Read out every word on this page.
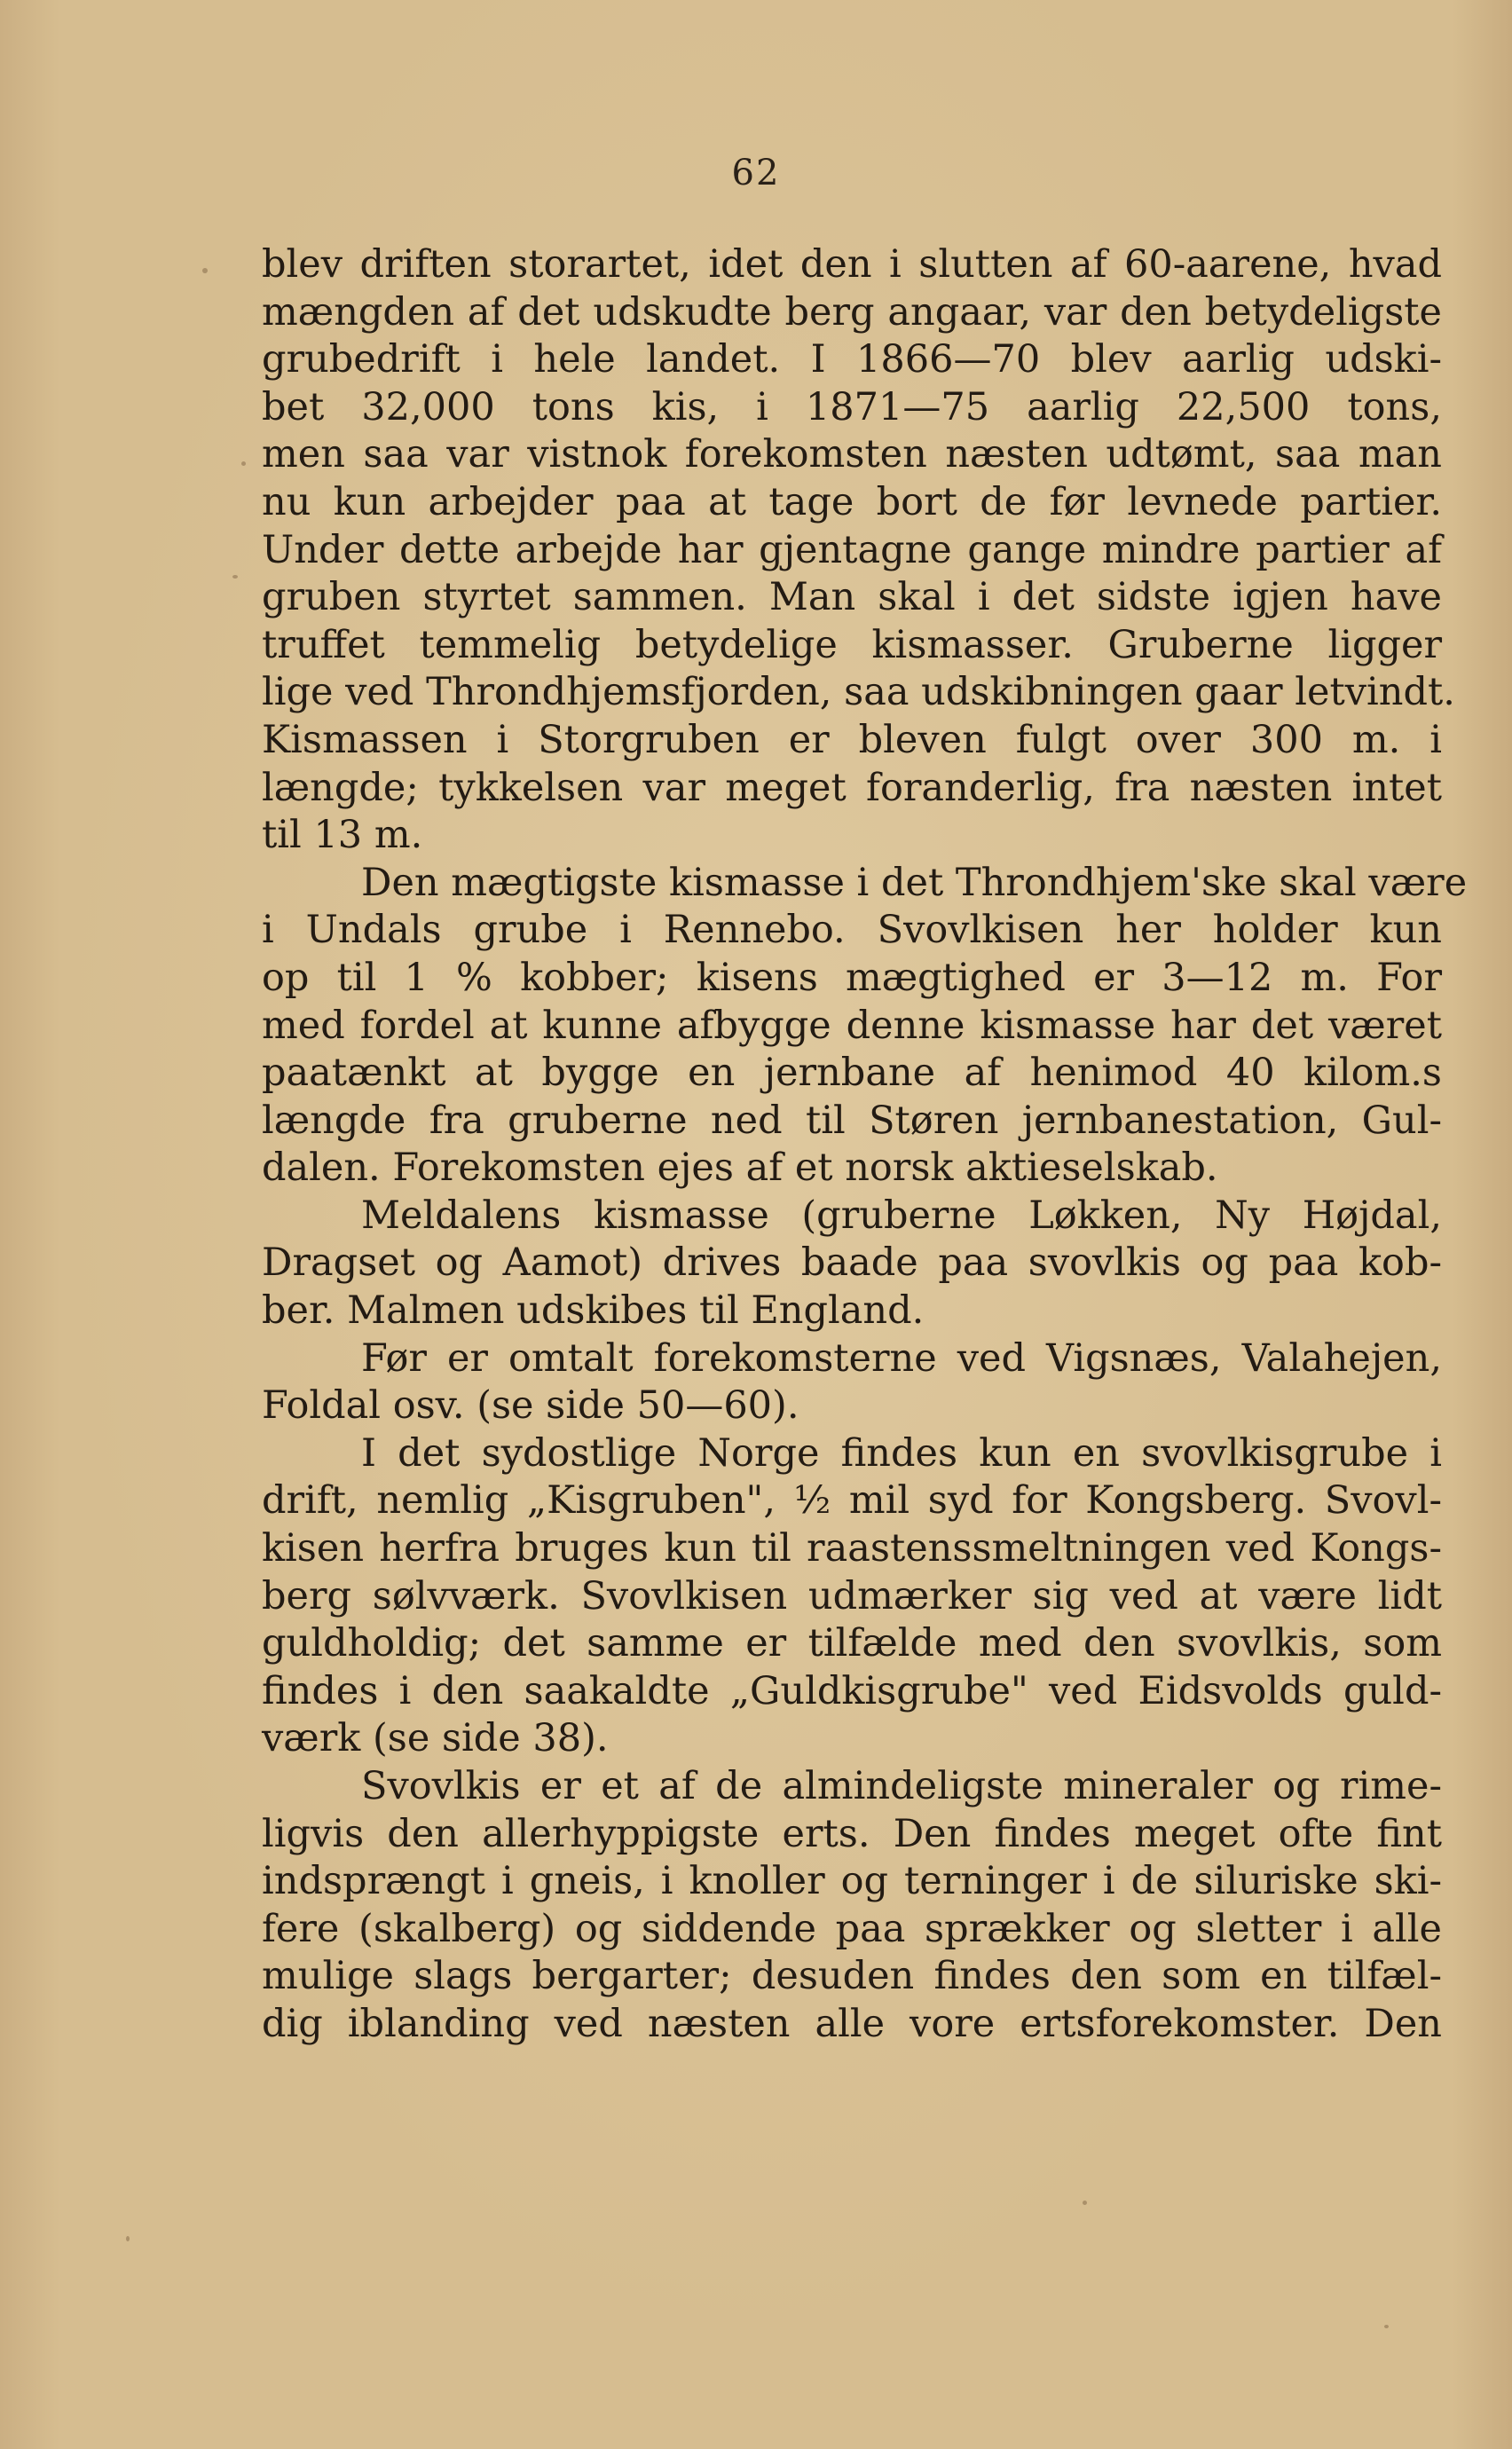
62
blev driften storartet, idet den i slutten af 60-aarene, hvad
mængden af det udskudte berg angaar, var den betydeligste
grubedrift i hele landet. I 1866—70 blev aarlig udski-
bet 32,000 tons kis, i 1871—75 aarlig 22,500 tons,
men saa var vistnok forekomsten næsten udtømt, saa man
nu kun arbejder paa at tage bort de før levnede partier.
Under dette arbejde har gjentagne gange mindre partier af
gruben styrtet sammen. Man skal i det sidste igjen have
truffet temmelig betydelige kismasser. Gruberne ligger
lige ved Throndhjemsfjorden, saa udskibningen gaar letvindt.
Kismassen i Storgruben er bleven fulgt over 300 m. i
længde; tykkelsen var meget foranderlig, fra næsten intet
til 13 m.
Den mægtigste kismasse i det Throndhjem'ske skal være
i Undals grube i Rennebo. Svovlkisen her holder kun
op til 1 % kobber; kisens mægtighed er 3—12 m. For
med fordel at kunne afbygge denne kismasse har det været
paatænkt at bygge en jernbane af henimod 40 kilom.s
længde fra gruberne ned til Støren jernbanestation, Gul-
dalen. Forekomsten ejes af et norsk aktieselskab.
Meldalens kismasse (gruberne Løkken, Ny Højdal,
Dragset og Aamot) drives baade paa svovlkis og paa kob-
ber. Malmen udskibes til England.
Før er omtalt forekomsterne ved Vigsnæs, Valahejen,
Foldal osv. (se side 50—60).
I det sydostlige Norge findes kun en svovlkisgrube i
drift, nemlig „Kisgruben", ½ mil syd for Kongsberg. Svovl-
kisen herfra bruges kun til raastenssmeltningen ved Kongs-
berg sølvværk. Svovlkisen udmærker sig ved at være lidt
guldholdig; det samme er tilfælde med den svovlkis, som
findes i den saakaldte „Guldkisgrube" ved Eidsvolds guld-
værk (se side 38).
Svovlkis er et af de almindeligste mineraler og rime-
ligvis den allerhyppigste erts. Den findes meget ofte fint
indsprængt i gneis, i knoller og terninger i de siluriske ski-
fere (skalberg) og siddende paa sprækker og sletter i alle
mulige slags bergarter; desuden findes den som en tilfæl-
dig iblanding ved næsten alle vore ertsforekomster. Den
